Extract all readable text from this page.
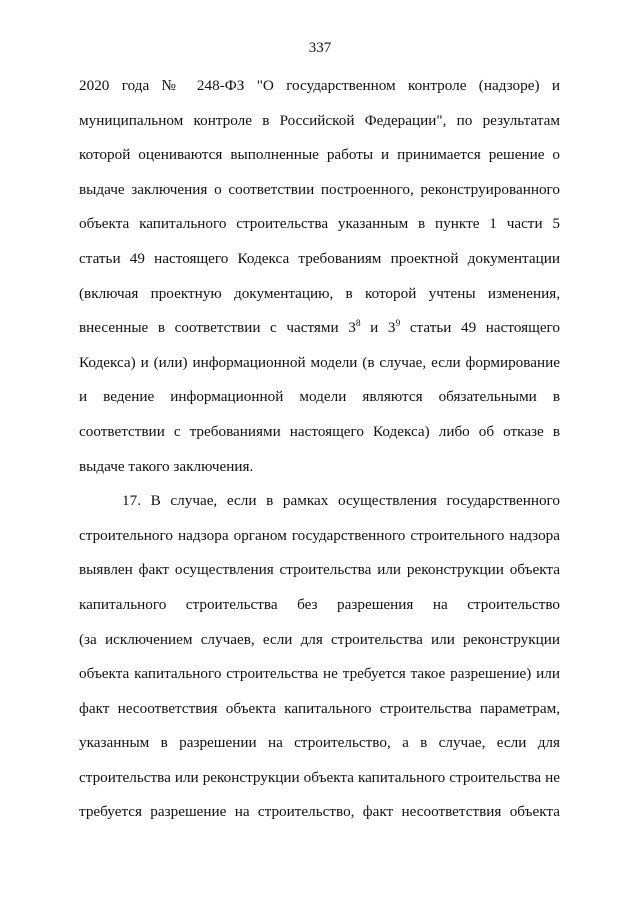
337
2020 года № 248-ФЗ "О государственном контроле (надзоре) и
муниципальном контроле в Российской Федерации", по результатам
которой оцениваются выполненные работы и принимается решение о
выдаче заключения о соответствии построенного, реконструированного
объекта капитального строительства указанным в пункте 1 части 5
статьи 49 настоящего Кодекса требованиям проектной документации
(включая проектную документацию, в которой учтены изменения,
внесенные в соответствии с частями $3^8$ и $3^9$ статьи 49 настоящего
Кодекса) и (или) информационной модели (в случае, если формирование
и ведение информационной модели являются обязательными в
соответствии с требованиями настоящего Кодекса) либо об отказе в
выдаче такого заключения.
17. В случае, если в рамках осуществления государственного
строительного надзора органом государственного строительного надзора
выявлен факт осуществления строительства или реконструкции объекта
капитального строительства без разрешения на строительство
(за исключением случаев, если для строительства или реконструкции
объекта капитального строительства не требуется такое разрешение) или
факт несоответствия объекта капитального строительства параметрам,
указанным в разрешении на строительство, а в случае, если для
строительства или реконструкции объекта капитального строительства не
требуется разрешение на строительство, факт несоответствия объекта
